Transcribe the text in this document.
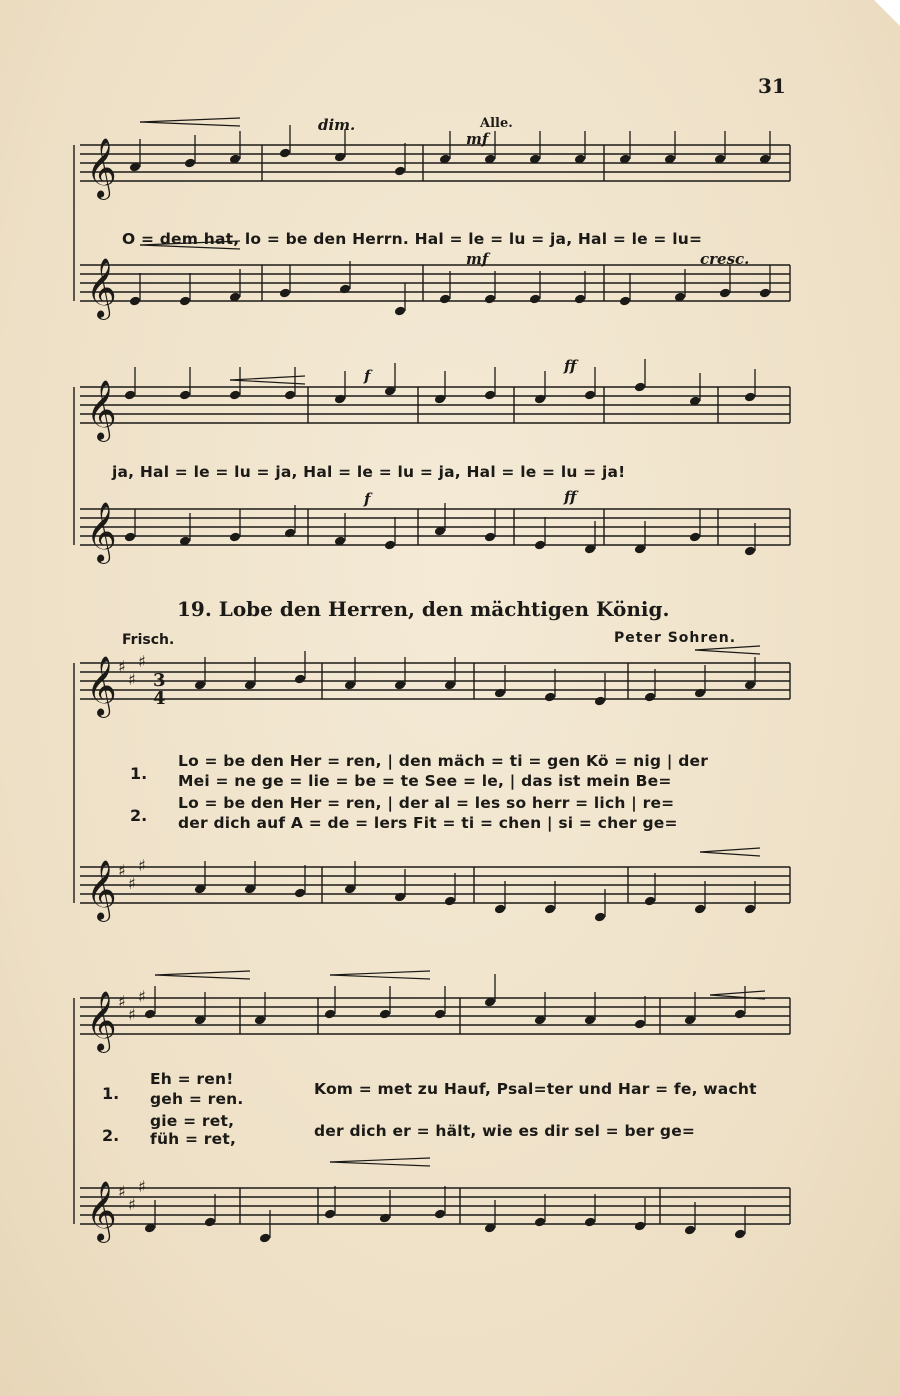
31
𝄞
𝄞
𝄞
𝄞
𝄞
𝄞
𝄞
𝄞
♯
♯
♯
♯
♯
♯
♯
♯
♯
♯
♯
♯
dim.	Alle.
mf
O = dem hat, lo = be den Herrn. Hal = le = lu = ja, Hal = le = lu=
mf	cresc.
f
ff
ja, Hal = le = lu = ja, Hal = le = lu = ja, Hal = le = lu = ja!
f	ff
19. Lobe den Herren, den mächtigen König.
Frisch.	Peter Sohren.
1.
2.
Lo = be den Her = ren, | den mäch = ti = gen Kö = nig | der
Mei = ne ge = lie = be = te See = le, | das ist mein Be=
Lo = be den Her = ren, | der al = les so herr = lich | re=
der dich auf A = de = lers Fit = ti = chen | si = cher ge=
1.
2.
Eh = ren!
geh = ren.
gie = ret,
füh = ret,
Kom = met zu Hauf, Psal=ter und Har = fe, wacht
der dich er = hält, wie es dir sel = ber ge=
3
4
